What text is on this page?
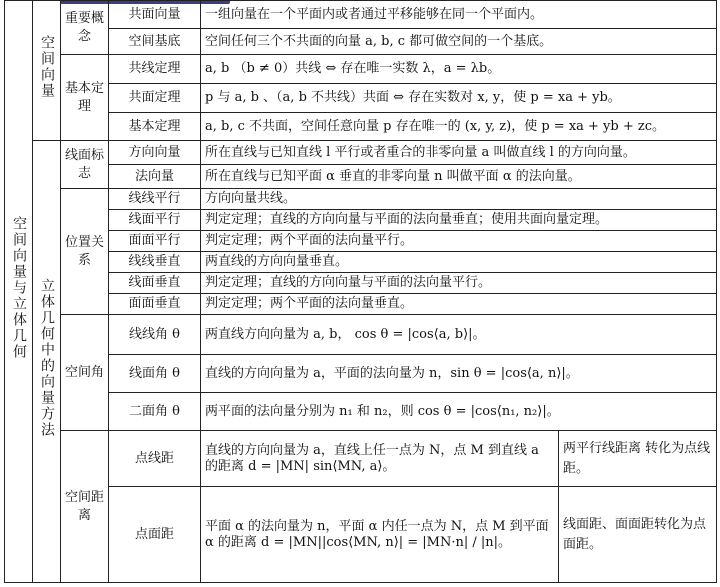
空间向量与立体几何	空间向量	重要概念	共面向量	一组向量在一个平面内或者通过平移能够在同一个平面内。	
			空间基底	空间任何三个不共面的向量 a, b, c 都可做空间的一个基底。	
		基本定理	共线定理	a, b （b ≠ 0）共线 ⇔ 存在唯一实数 λ，a = λb。	
			共面定理	p 与 a, b 、（a, b 不共线）共面 ⇔ 存在实数对 x, y，使 p = xa + yb。	
			基本定理	a, b, c 不共面，空间任意向量 p 存在唯一的 (x, y, z)，使 p = xa + yb + zc。	
	立体几何中的向量方法	线面标志	方向向量	所在直线与已知直线 l 平行或者重合的非零向量 a 叫做直线 l 的方向向量。	
			法向量	所在直线与已知平面 α 垂直的非零向量 n 叫做平面 α 的法向量。	
		位置关系	线线平行	方向向量共线。	
			线面平行	判定定理；直线的方向向量与平面的法向量垂直；使用共面向量定理。	
			面面平行	判定定理；两个平面的法向量平行。	
			线线垂直	两直线的方向向量垂直。	
			线面垂直	判定定理；直线的方向向量与平面的法向量平行。	
			面面垂直	判定定理；两个平面的法向量垂直。	
		空间角	线线角 θ	两直线方向向量为 a, b， cos θ = |cos⟨a, b⟩|。	
			线面角 θ	直线的方向向量为 a，平面的法向量为 n，sin θ = |cos⟨a, n⟩|。	
			二面角 θ	两平面的法向量分别为 n₁ 和 n₂，则 cos θ = |cos⟨n₁, n₂⟩|。	
		空间距离	点线距	直线的方向向量为 a，直线上任一点为 N，点 M 到直线 a 的距离 d = |MN| sin⟨MN, a⟩。	两平行线距离 转化为点线距。
			点面距	平面 α 的法向量为 n，平面 α 内任一点为 N，点 M 到平面 α 的距离 d = |MN||cos⟨MN, n⟩| = |MN·n| / |n|。	线面距、面面距转化为点面距。
